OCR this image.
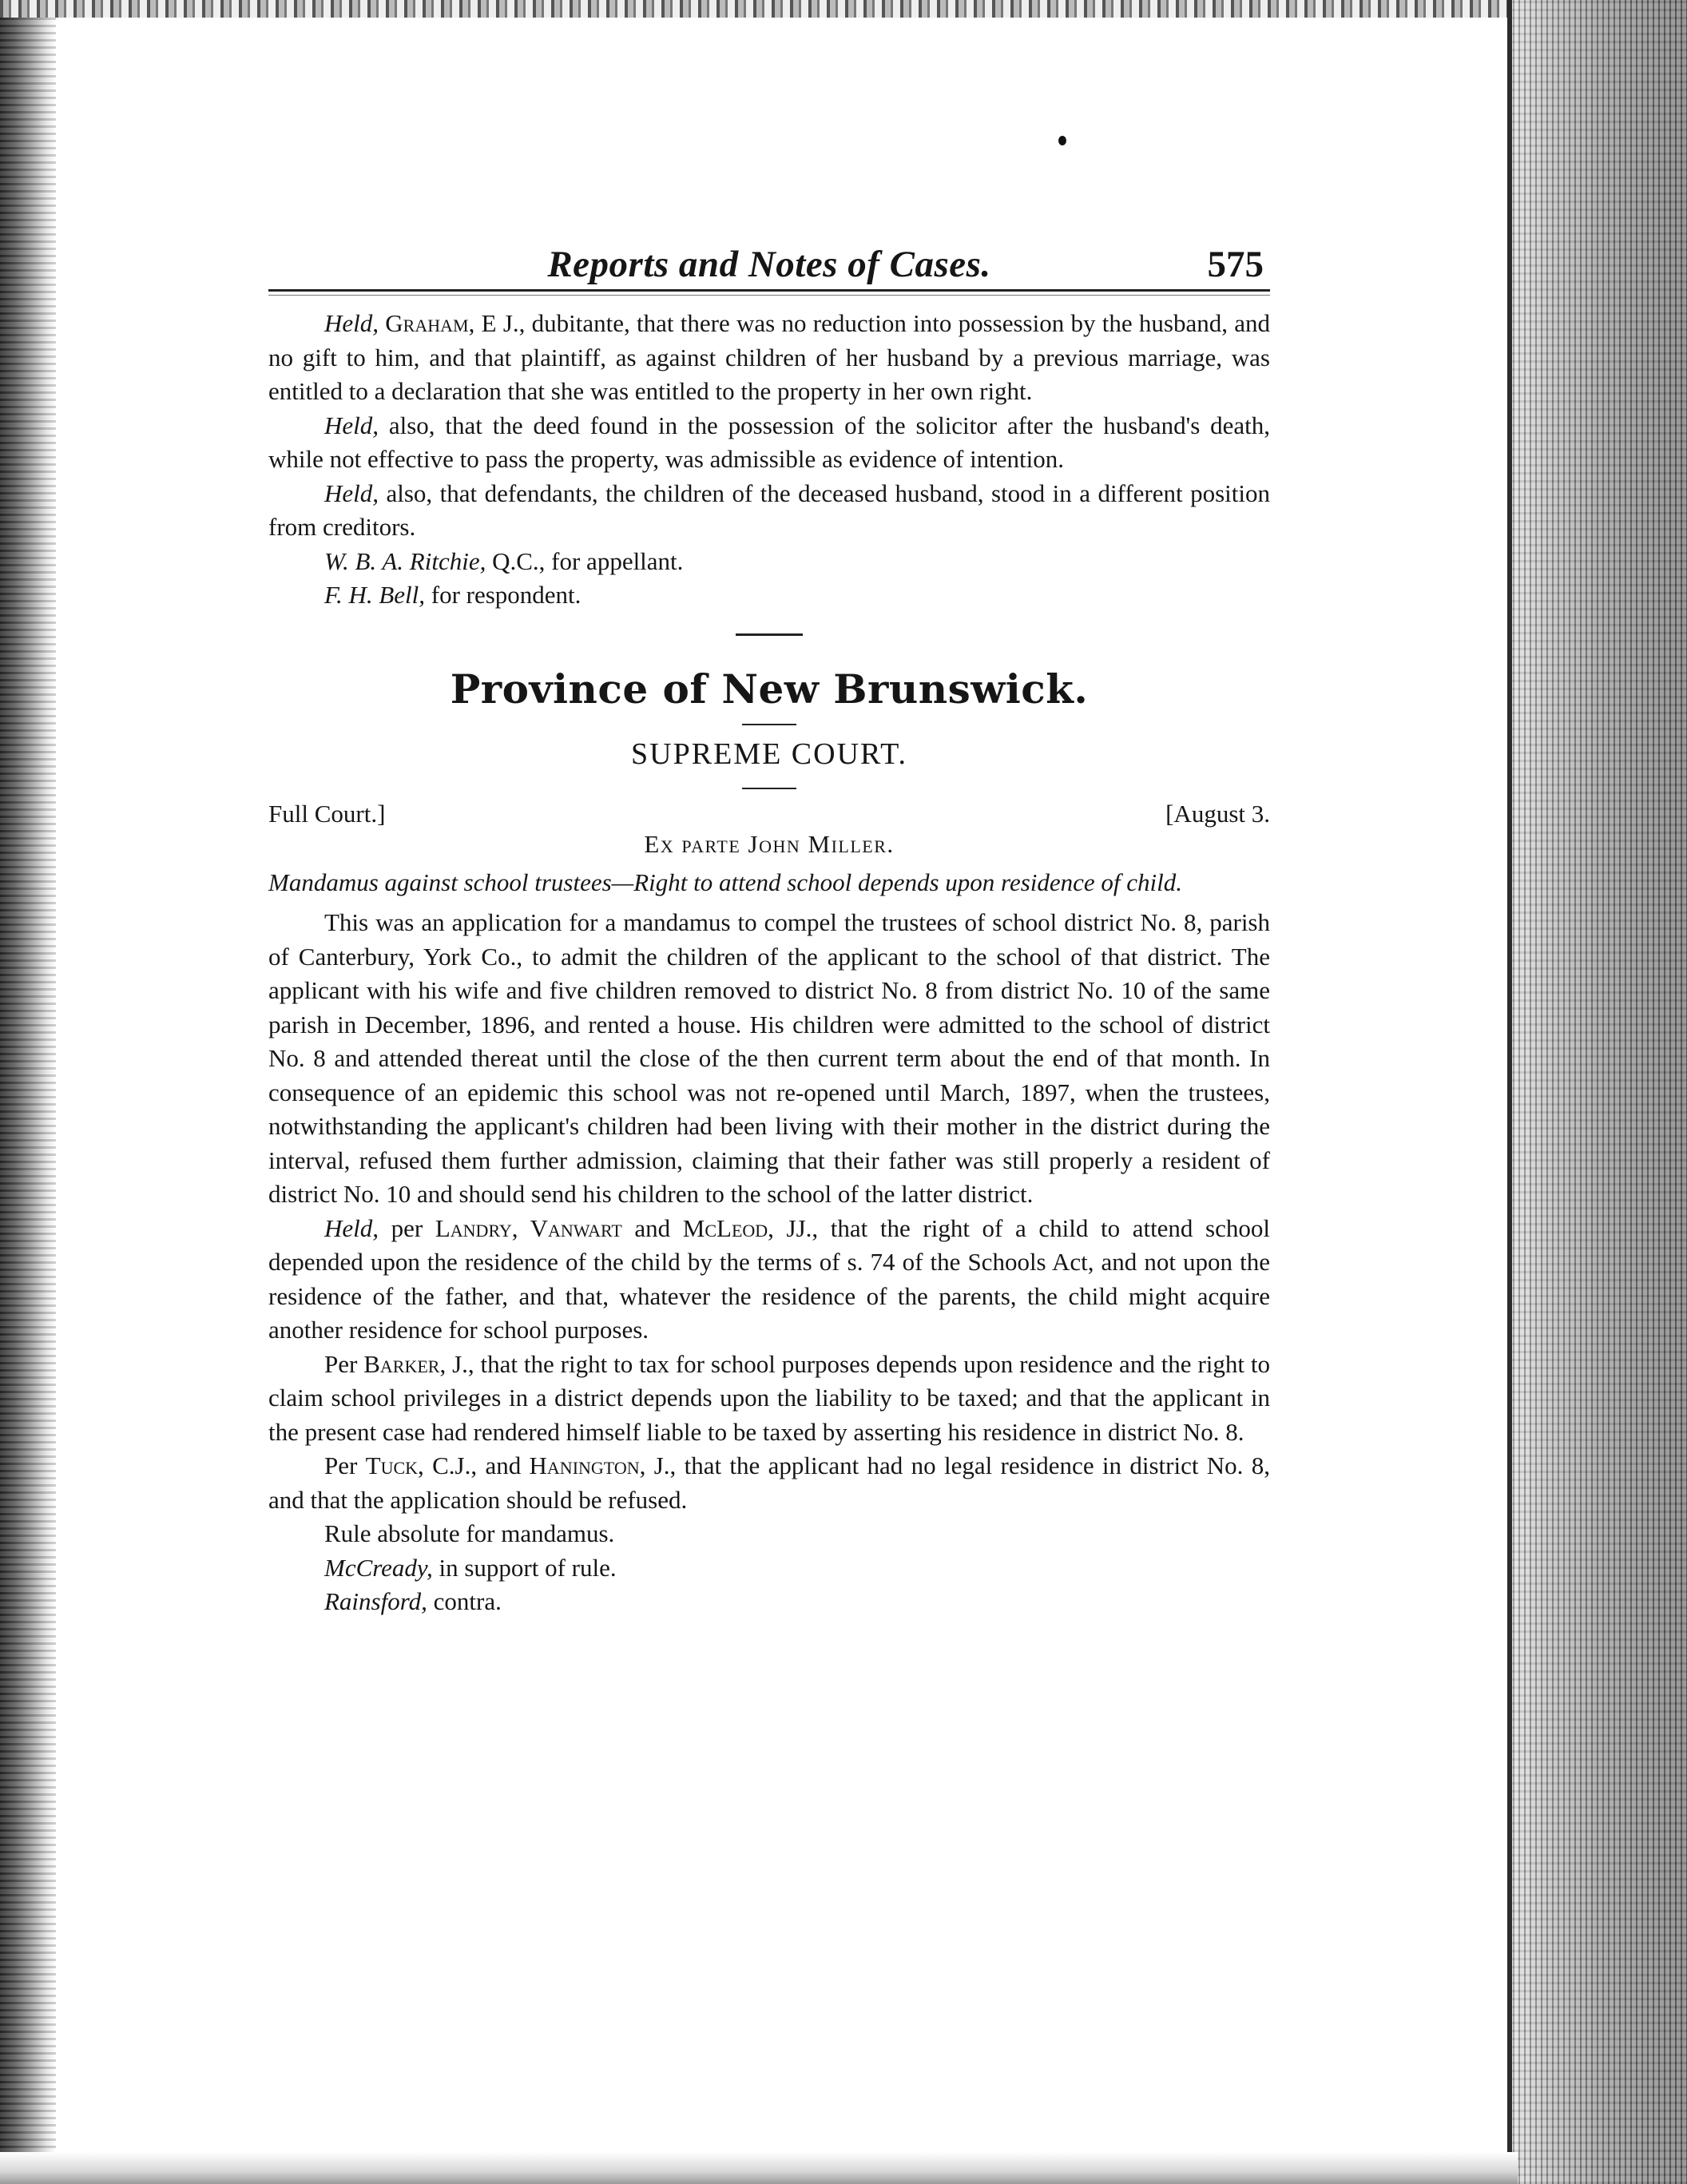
Reports and Notes of Cases.	575

Held, Graham, E J., dubitante, that there was no reduction into possession by the husband, and no gift to him, and that plaintiff, as against children of her husband by a previous marriage, was entitled to a declaration that she was entitled to the property in her own right.

Held, also, that the deed found in the possession of the solicitor after the husband's death, while not effective to pass the property, was admissible as evidence of intention.

Held, also, that defendants, the children of the deceased husband, stood in a different position from creditors.

W. B. A. Ritchie, Q.C., for appellant.

F. H. Bell, for respondent.

Province of New Brunswick.
SUPREME COURT.
Full Court.]	[August 3.
Ex parte John Miller.

Mandamus against school trustees—Right to attend school depends upon residence of child.

This was an application for a mandamus to compel the trustees of school district No. 8, parish of Canterbury, York Co., to admit the children of the applicant to the school of that district. The applicant with his wife and five children removed to district No. 8 from district No. 10 of the same parish in December, 1896, and rented a house. His children were admitted to the school of district No. 8 and attended thereat until the close of the then current term about the end of that month. In consequence of an epidemic this school was not re-opened until March, 1897, when the trustees, notwithstanding the applicant's children had been living with their mother in the district during the interval, refused them further admission, claiming that their father was still properly a resident of district No. 10 and should send his children to the school of the latter district.

Held, per Landry, Vanwart and McLeod, JJ., that the right of a child to attend school depended upon the residence of the child by the terms of s. 74 of the Schools Act, and not upon the residence of the father, and that, whatever the residence of the parents, the child might acquire another residence for school purposes.

Per Barker, J., that the right to tax for school purposes depends upon residence and the right to claim school privileges in a district depends upon the liability to be taxed; and that the applicant in the present case had rendered himself liable to be taxed by asserting his residence in district No. 8.

Per Tuck, C.J., and Hanington, J., that the applicant had no legal residence in district No. 8, and that the application should be refused.

Rule absolute for mandamus.

McCready, in support of rule.

Rainsford, contra.
